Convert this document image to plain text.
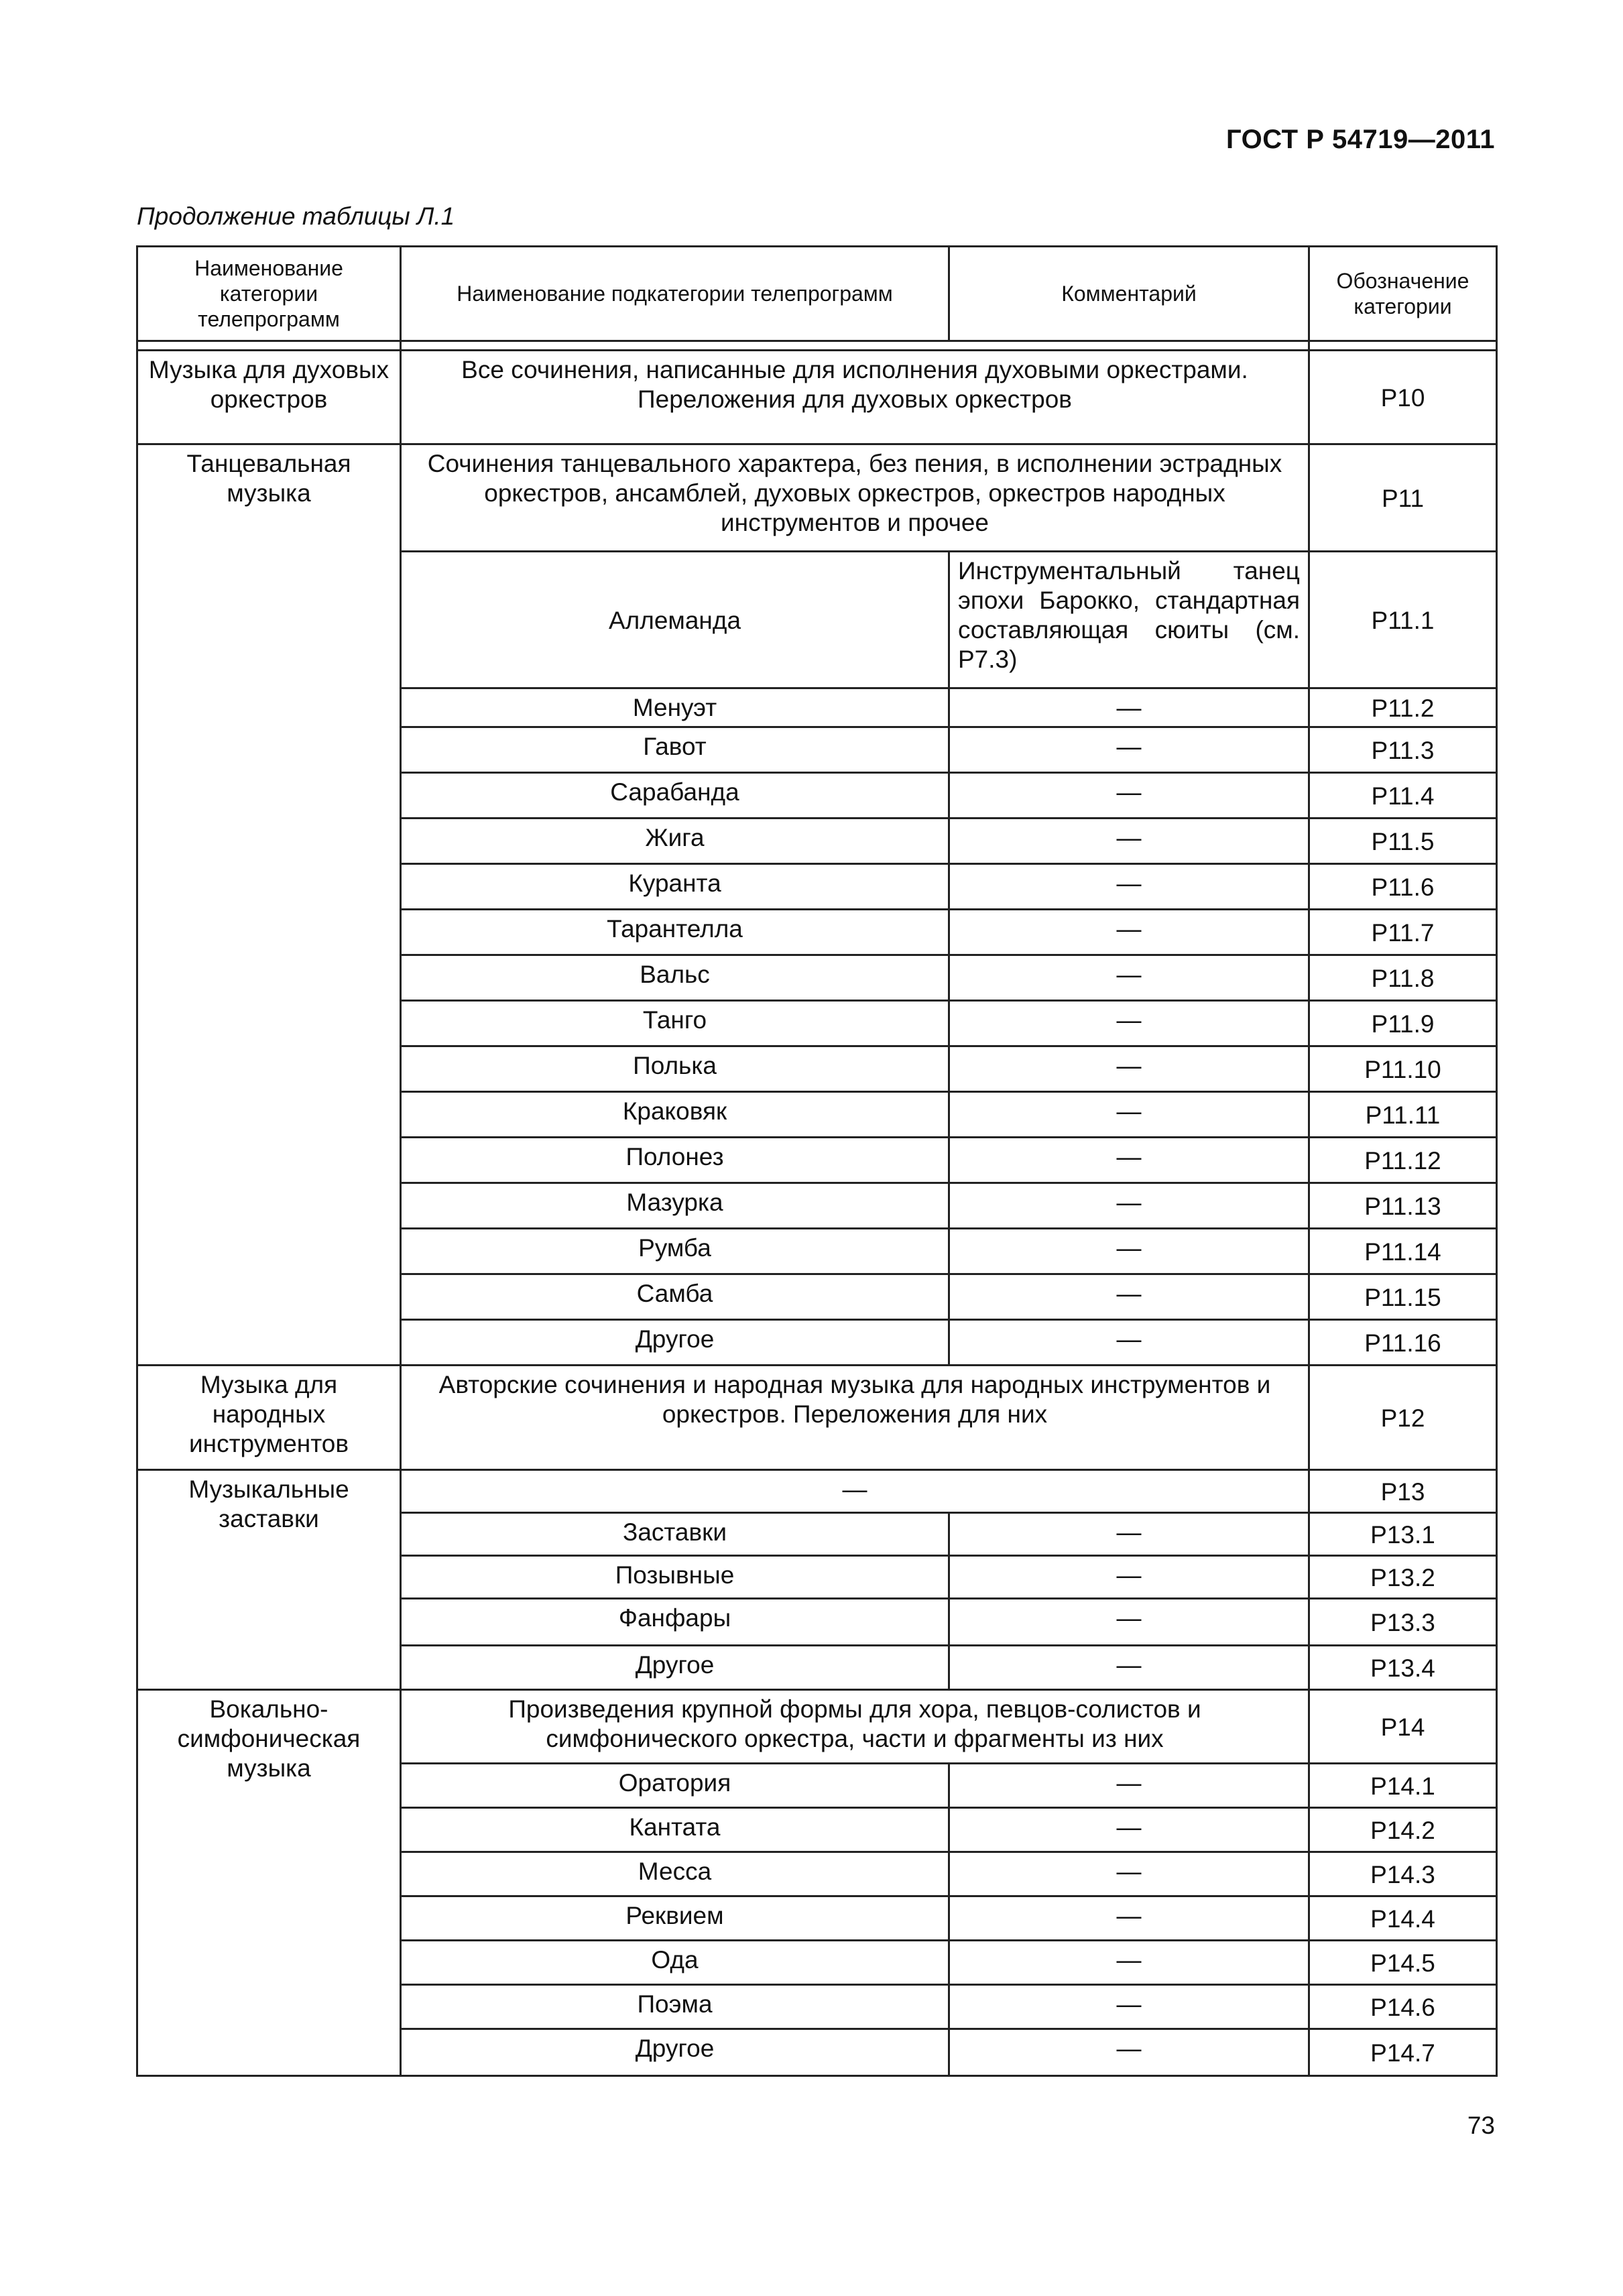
ГОСТ Р 54719—2011
Продолжение таблицы Л.1
Наименование категории телепрограмм	Наименование подкатегории телепрограмм	Комментарий	Обозначение категории

Музыка для духовых оркестров	Все сочинения, написанные для исполнения духовыми оркестрами. Переложения для духовых оркестров		Р10
Танцевальная музыка	Сочинения танцевального характера, без пения, в исполнении эстрадных оркестров, ансамблей, духовых оркестров, оркестров народных инструментов и прочее		Р11
	Аллеманда	Инструментальный танец эпохи Барокко, стандартная составляющая сюиты (см. Р7.3)	Р11.1
	Менуэт	—	Р11.2
	Гавот	—	Р11.3
	Сарабанда	—	Р11.4
	Жига	—	Р11.5
	Куранта	—	Р11.6
	Тарантелла	—	Р11.7
	Вальс	—	Р11.8
	Танго	—	Р11.9
	Полька	—	Р11.10
	Краковяк	—	Р11.11
	Полонез	—	Р11.12
	Мазурка	—	Р11.13
	Румба	—	Р11.14
	Самба	—	Р11.15
	Другое	—	Р11.16
Музыка для народных инструментов	Авторские сочинения и народная музыка для народных инструментов и оркестров. Переложения для них		Р12
Музыкальные заставки	—		Р13
	Заставки	—	Р13.1
	Позывные	—	Р13.2
	Фанфары	—	Р13.3
	Другое	—	Р13.4
Вокально-симфоническая музыка	Произведения крупной формы для хора, певцов-солистов и симфонического оркестра, части и фрагменты из них		Р14
	Оратория	—	Р14.1
	Кантата	—	Р14.2
	Месса	—	Р14.3
	Реквием	—	Р14.4
	Ода	—	Р14.5
	Поэма	—	Р14.6
	Другое	—	Р14.7
73
